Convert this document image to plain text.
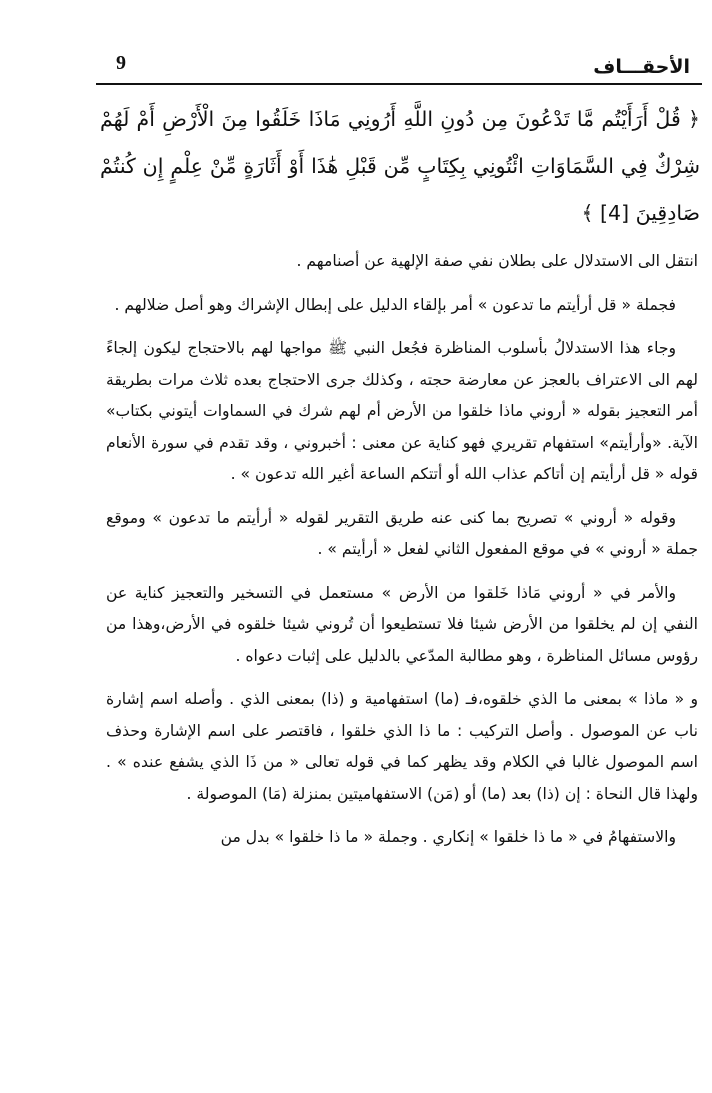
9	الأحقـــاف
﴿ قُلْ أَرَأَيْتُم مَّا تَدْعُونَ مِن دُونِ اللَّهِ أَرُونِي مَاذَا خَلَقُوا مِنَ الْأَرْضِ أَمْ لَهُمْ شِرْكٌ فِي السَّمَاوَاتِ ائْتُونِي بِكِتَابٍ مِّن قَبْلِ هَٰذَا أَوْ أَثَارَةٍ مِّنْ عِلْمٍ إِن كُنتُمْ صَادِقِينَ [4] ﴾

انتقل الى الاستدلال على بطلان نفي صفة الإلهية عن أصنامهم .

فجملة « قل أرأيتم ما تدعون » أمر بإلقاء الدليل على إبطال الإشراك وهو أصل ضلالهم .

وجاء هذا الاستدلالُ بأسلوب المناظرة فجُعل النبي ﷺ مواجها لهم بالاحتجاج ليكون إلجاءً لهم الى الاعتراف بالعجز عن معارضة حجته ، وكذلك جرى الاحتجاج بعده ثلاث مرات بطريقة أمر التعجيز بقوله « أروني ماذا خلقوا من الأرض أم لهم شرك في السماوات أيتوني بكتاب» الآية. «وأرأيتم» استفهام تقريري فهو كناية عن معنى : أخبروني ، وقد تقدم في سورة الأنعام قوله « قل أرأيتم إن أتاكم عذاب الله أو أتتكم الساعة أغير الله تدعون » .

وقوله « أروني » تصريح بما كنى عنه طريق التقرير لقوله « أرأيتم ما تدعون » وموقع جملة « أروني » في موقع المفعول الثاني لفعل « أرأيتم » .

والأمر في « أروني مَاذا خَلقوا من الأرض » مستعمل في التسخير والتعجيز كناية عن النفي إن لم يخلقوا من الأرض شيئا فلا تستطيعوا أن تُروني شيئا خلقوه في الأرض،وهذا من رؤوس مسائل المناظرة ، وهو مطالبة المدّعي بالدليل على إثبات دعواه .

و « ماذا » بمعنى ما الذي خلقوه،فـ (ما) استفهامية و (ذا) بمعنى الذي . وأصله اسم إشارة ناب عن الموصول . وأصل التركيب : ما ذا الذي خلقوا ، فاقتصر على اسم الإشارة وحذف اسم الموصول غالبا في الكلام وقد يظهر كما في قوله تعالى « من ذَا الذي يشفع عنده » . ولهذا قال النحاة : إن (ذا) بعد (ما) أو (مَن) الاستفهاميتين بمنزلة (مَا) الموصولة .

والاستفهامُ في « ما ذا خلقوا » إنكاري . وجملة « ما ذا خلقوا » بدل من
